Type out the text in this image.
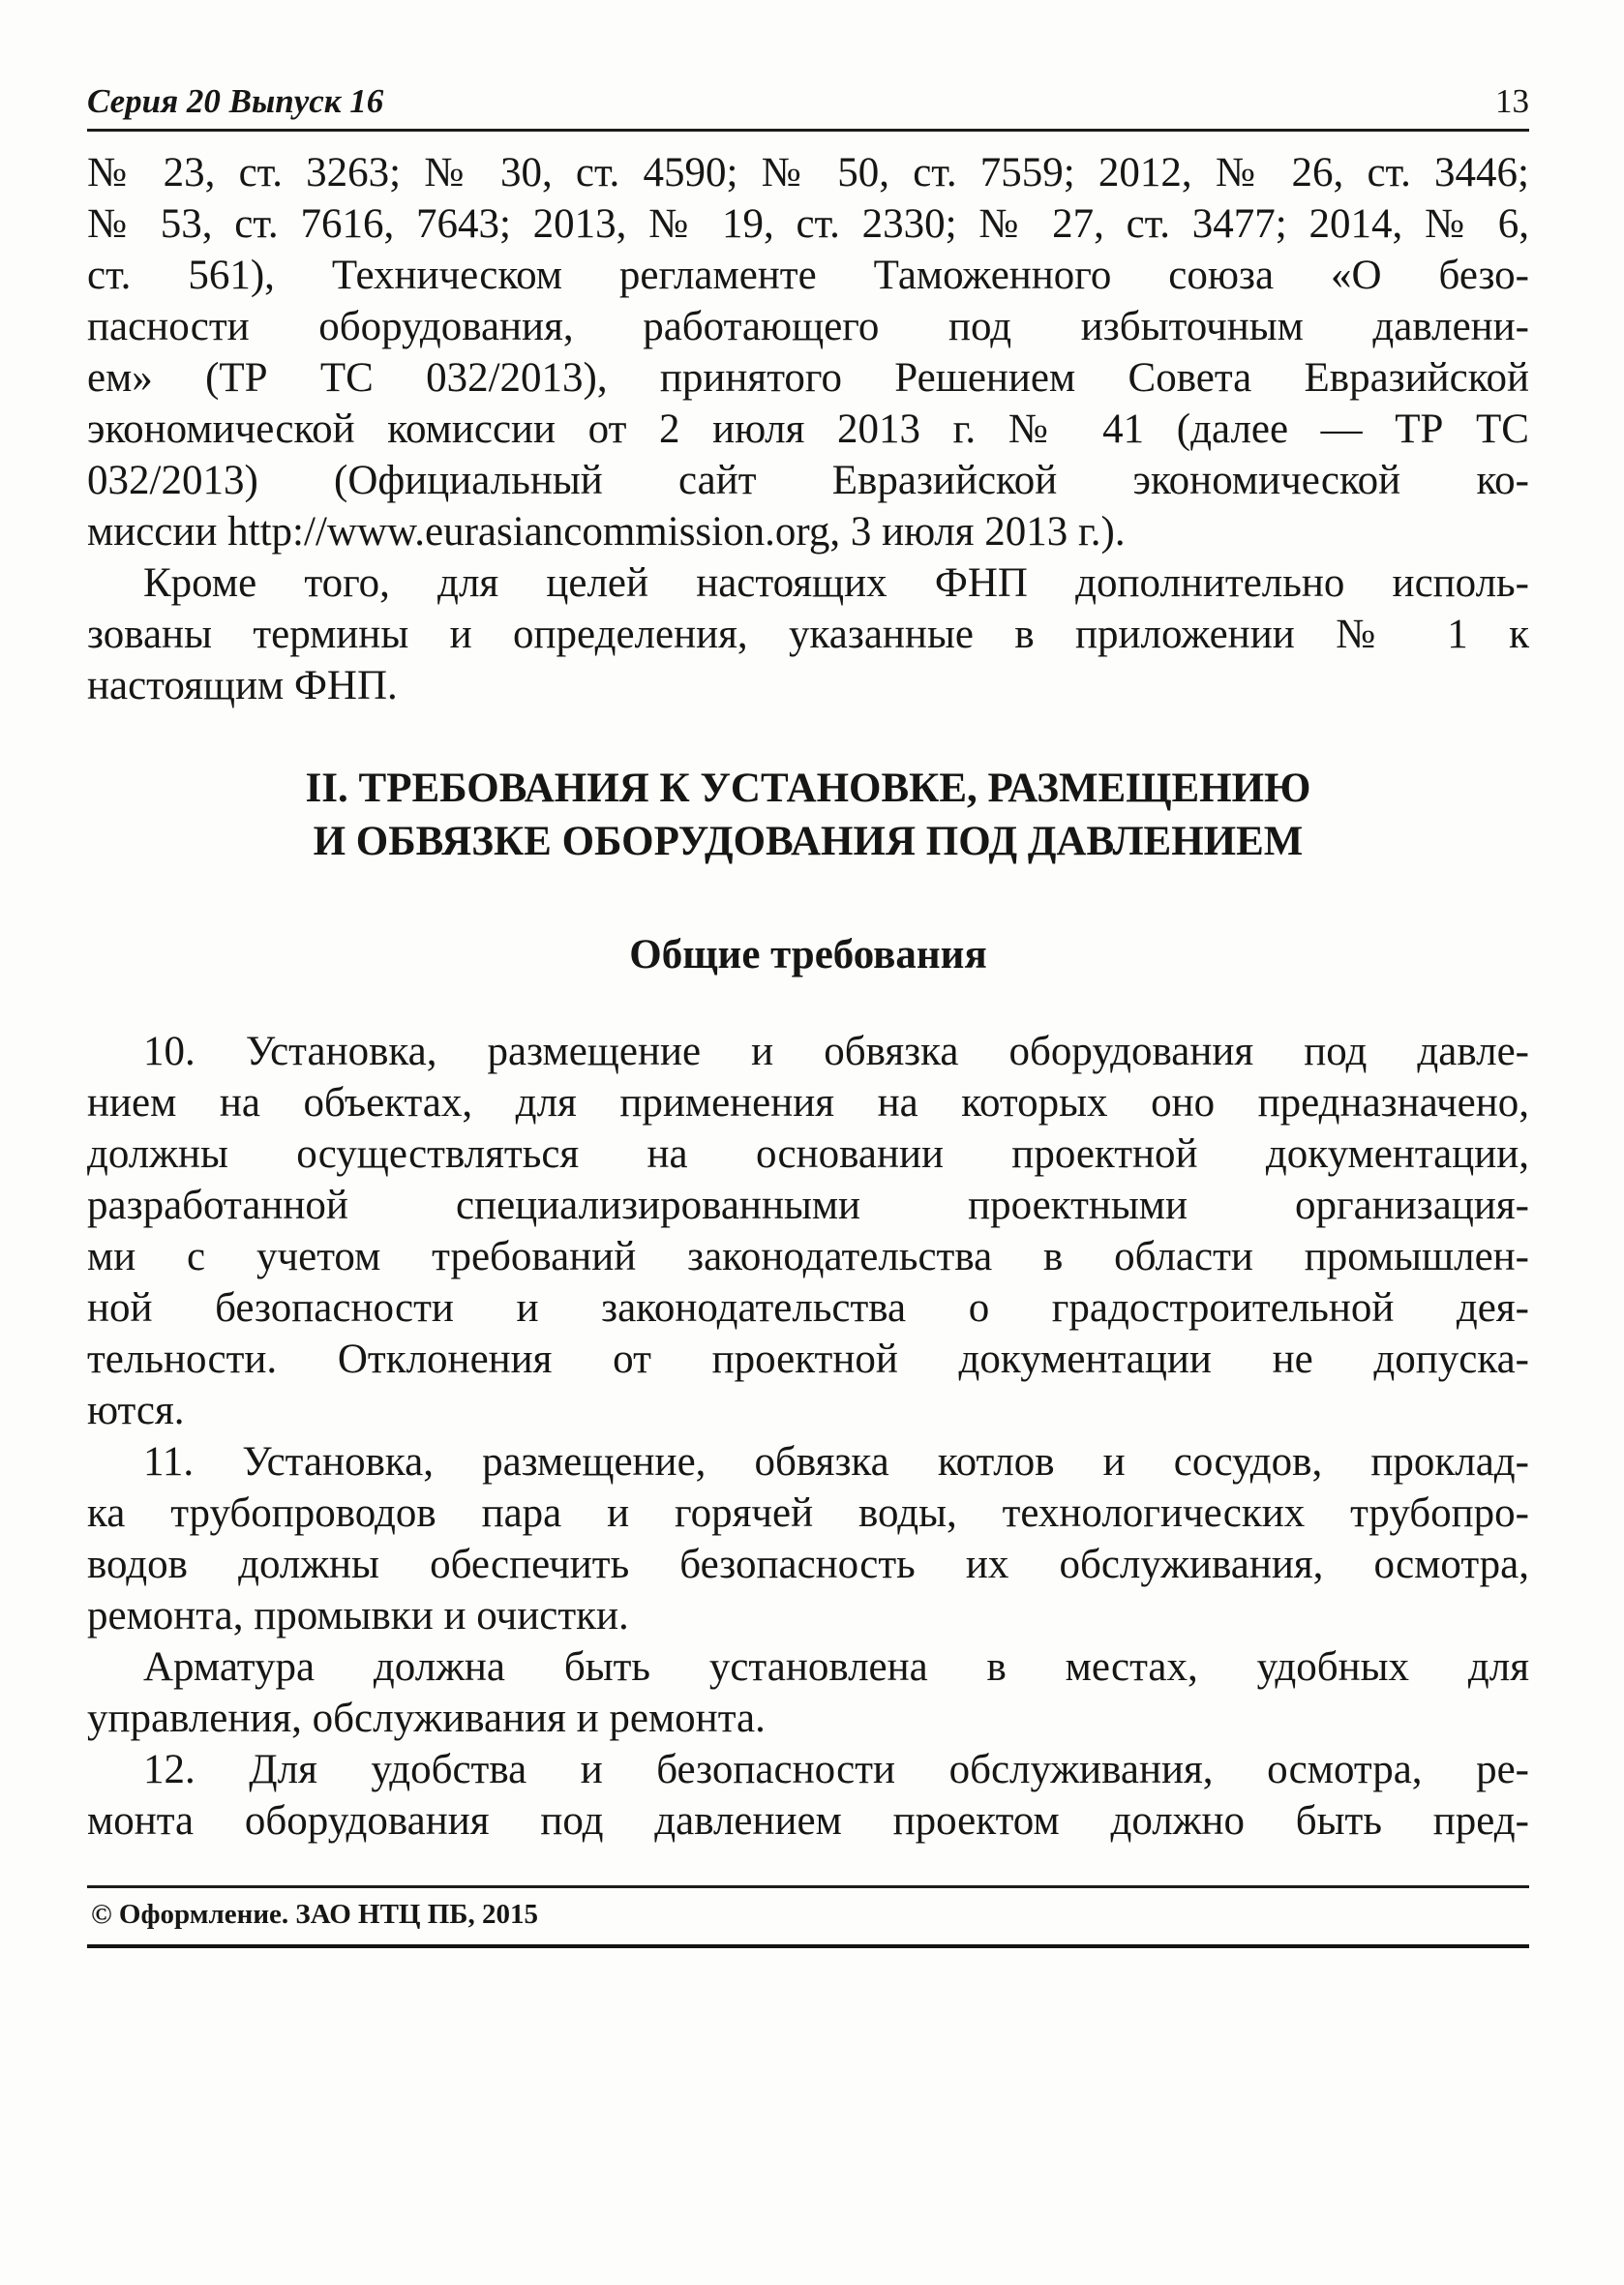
Серия 20 Выпуск 16	13
№ 23, ст. 3263; № 30, ст. 4590; № 50, ст. 7559; 2012, № 26, ст. 3446;
№ 53, ст. 7616, 7643; 2013, № 19, ст. 2330; № 27, ст. 3477; 2014, № 6,
ст. 561), Техническом регламенте Таможенного союза «О безо-
пасности оборудования, работающего под избыточным давлени-
ем» (ТР ТС 032/2013), принятого Решением Совета Евразийской
экономической комиссии от 2 июля 2013 г. № 41 (далее — ТР ТС
032/2013) (Официальный сайт Евразийской экономической ко-
миссии http://www.eurasiancommission.org, 3 июля 2013 г.).
Кроме того, для целей настоящих ФНП дополнительно исполь-
зованы термины и определения, указанные в приложении № 1 к
настоящим ФНП.
II. ТРЕБОВАНИЯ К УСТАНОВКЕ, РАЗМЕЩЕНИЮ
И ОБВЯЗКЕ ОБОРУДОВАНИЯ ПОД ДАВЛЕНИЕМ
Общие требования
10. Установка, размещение и обвязка оборудования под давле-
нием на объектах, для применения на которых оно предназначено,
должны осуществляться на основании проектной документации,
разработанной специализированными проектными организация-
ми с учетом требований законодательства в области промышлен-
ной безопасности и законодательства о градостроительной дея-
тельности. Отклонения от проектной документации не допуска-
ются.
11. Установка, размещение, обвязка котлов и сосудов, проклад-
ка трубопроводов пара и горячей воды, технологических трубопро-
водов должны обеспечить безопасность их обслуживания, осмотра,
ремонта, промывки и очистки.
Арматура должна быть установлена в местах, удобных для
управления, обслуживания и ремонта.
12. Для удобства и безопасности обслуживания, осмотра, ре-
монта оборудования под давлением проектом должно быть пред-
© Оформление. ЗАО НТЦ ПБ, 2015
